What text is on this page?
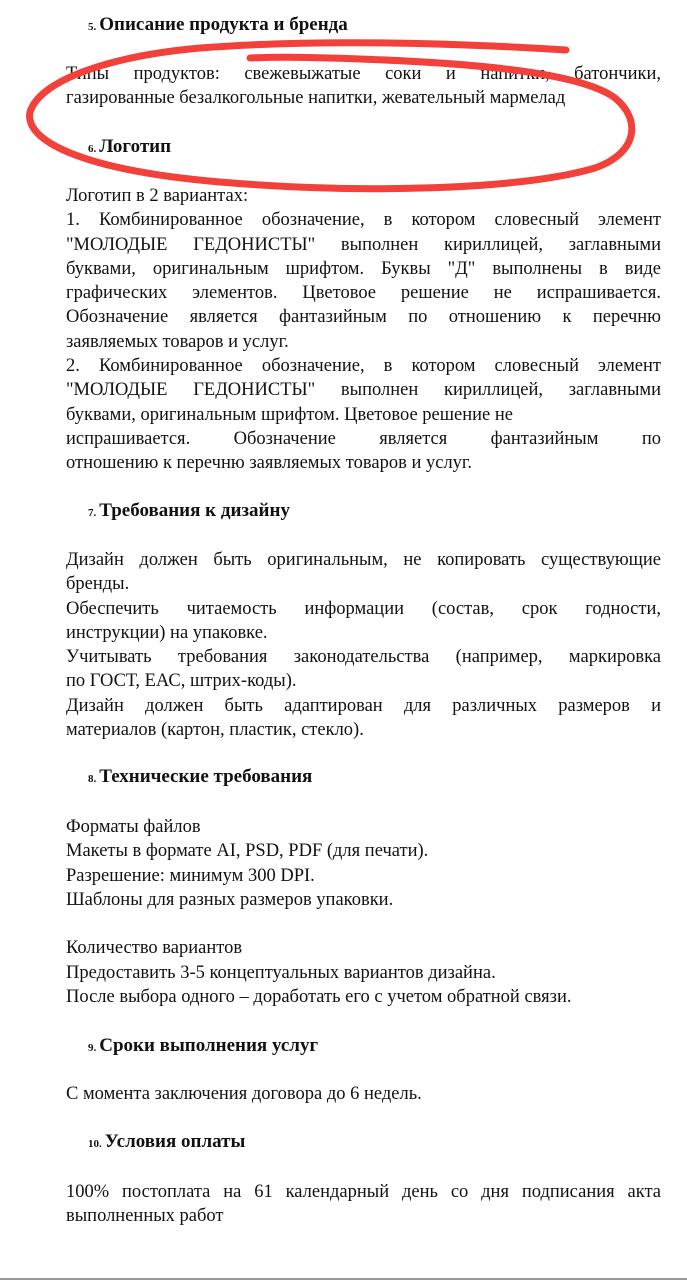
5. Описание продукта и бренда
Типы продуктов: свежевыжатые соки и напитки, батончики,
газированные безалкогольные напитки, жевательный мармелад
6. Логотип
Логотип в 2 вариантах:
1. Комбинированное обозначение, в котором словесный элемент
"МОЛОДЫЕ ГЕДОНИСТЫ" выполнен кириллицей, заглавными
буквами, оригинальным шрифтом. Буквы "Д" выполнены в виде
графических элементов. Цветовое решение не испрашивается.
Обозначение является фантазийным по отношению к перечню
заявляемых товаров и услуг.
2. Комбинированное обозначение, в котором словесный элемент
"МОЛОДЫЕ ГЕДОНИСТЫ" выполнен кириллицей, заглавными
буквами, оригинальным шрифтом. Цветовое решение не
испрашивается. Обозначение является фантазийным по
отношению к перечню заявляемых товаров и услуг.
7. Требования к дизайну
Дизайн должен быть оригинальным, не копировать существующие
бренды.
Обеспечить читаемость информации (состав, срок годности,
инструкции) на упаковке.
Учитывать требования законодательства (например, маркировка
по ГОСТ, ЕАС, штрих-коды).
Дизайн должен быть адаптирован для различных размеров и
материалов (картон, пластик, стекло).
8. Технические требования
Форматы файлов
Макеты в формате AI, PSD, PDF (для печати).
Разрешение: минимум 300 DPI.
Шаблоны для разных размеров упаковки.
Количество вариантов
Предоставить 3-5 концептуальных вариантов дизайна.
После выбора одного – доработать его с учетом обратной связи.
9. Сроки выполнения услуг
С момента заключения договора до 6 недель.
10. Условия оплаты
100% постоплата на 61 календарный день со дня подписания акта
выполненных работ
